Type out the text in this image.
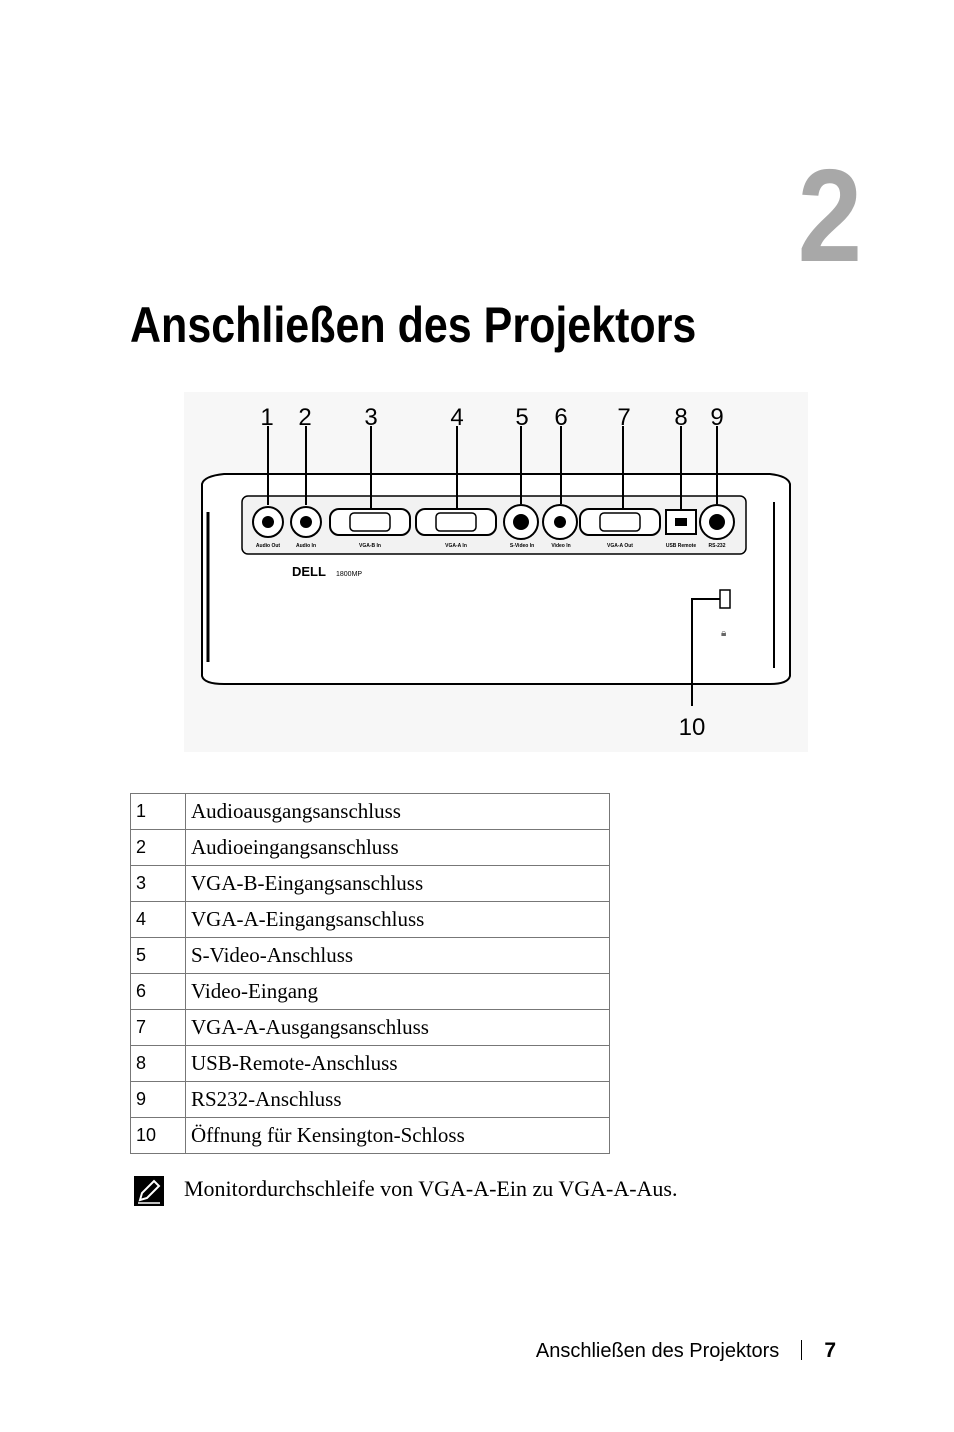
2
Anschließen des Projektors
Audio Out	Audio In	VGA-B In	VGA-A In	S-Video In	Video In	VGA-A Out	USB Remote RS-232
DELL 1800MP
🔒︎
1 2 3	4 5 6 7 8 9
10
1	Audioausgangsanschluss
2	Audioeingangsanschluss
3	VGA-B-Eingangsanschluss
4	VGA-A-Eingangsanschluss
5	S-Video-Anschluss
6	Video-Eingang
7	VGA-A-Ausgangsanschluss
8	USB-Remote-Anschluss
9	RS232-Anschluss
10	Öffnung für Kensington-Schloss
Monitordurchschleife von VGA-A-Ein zu VGA-A-Aus.
Anschließen des Projektors 7
